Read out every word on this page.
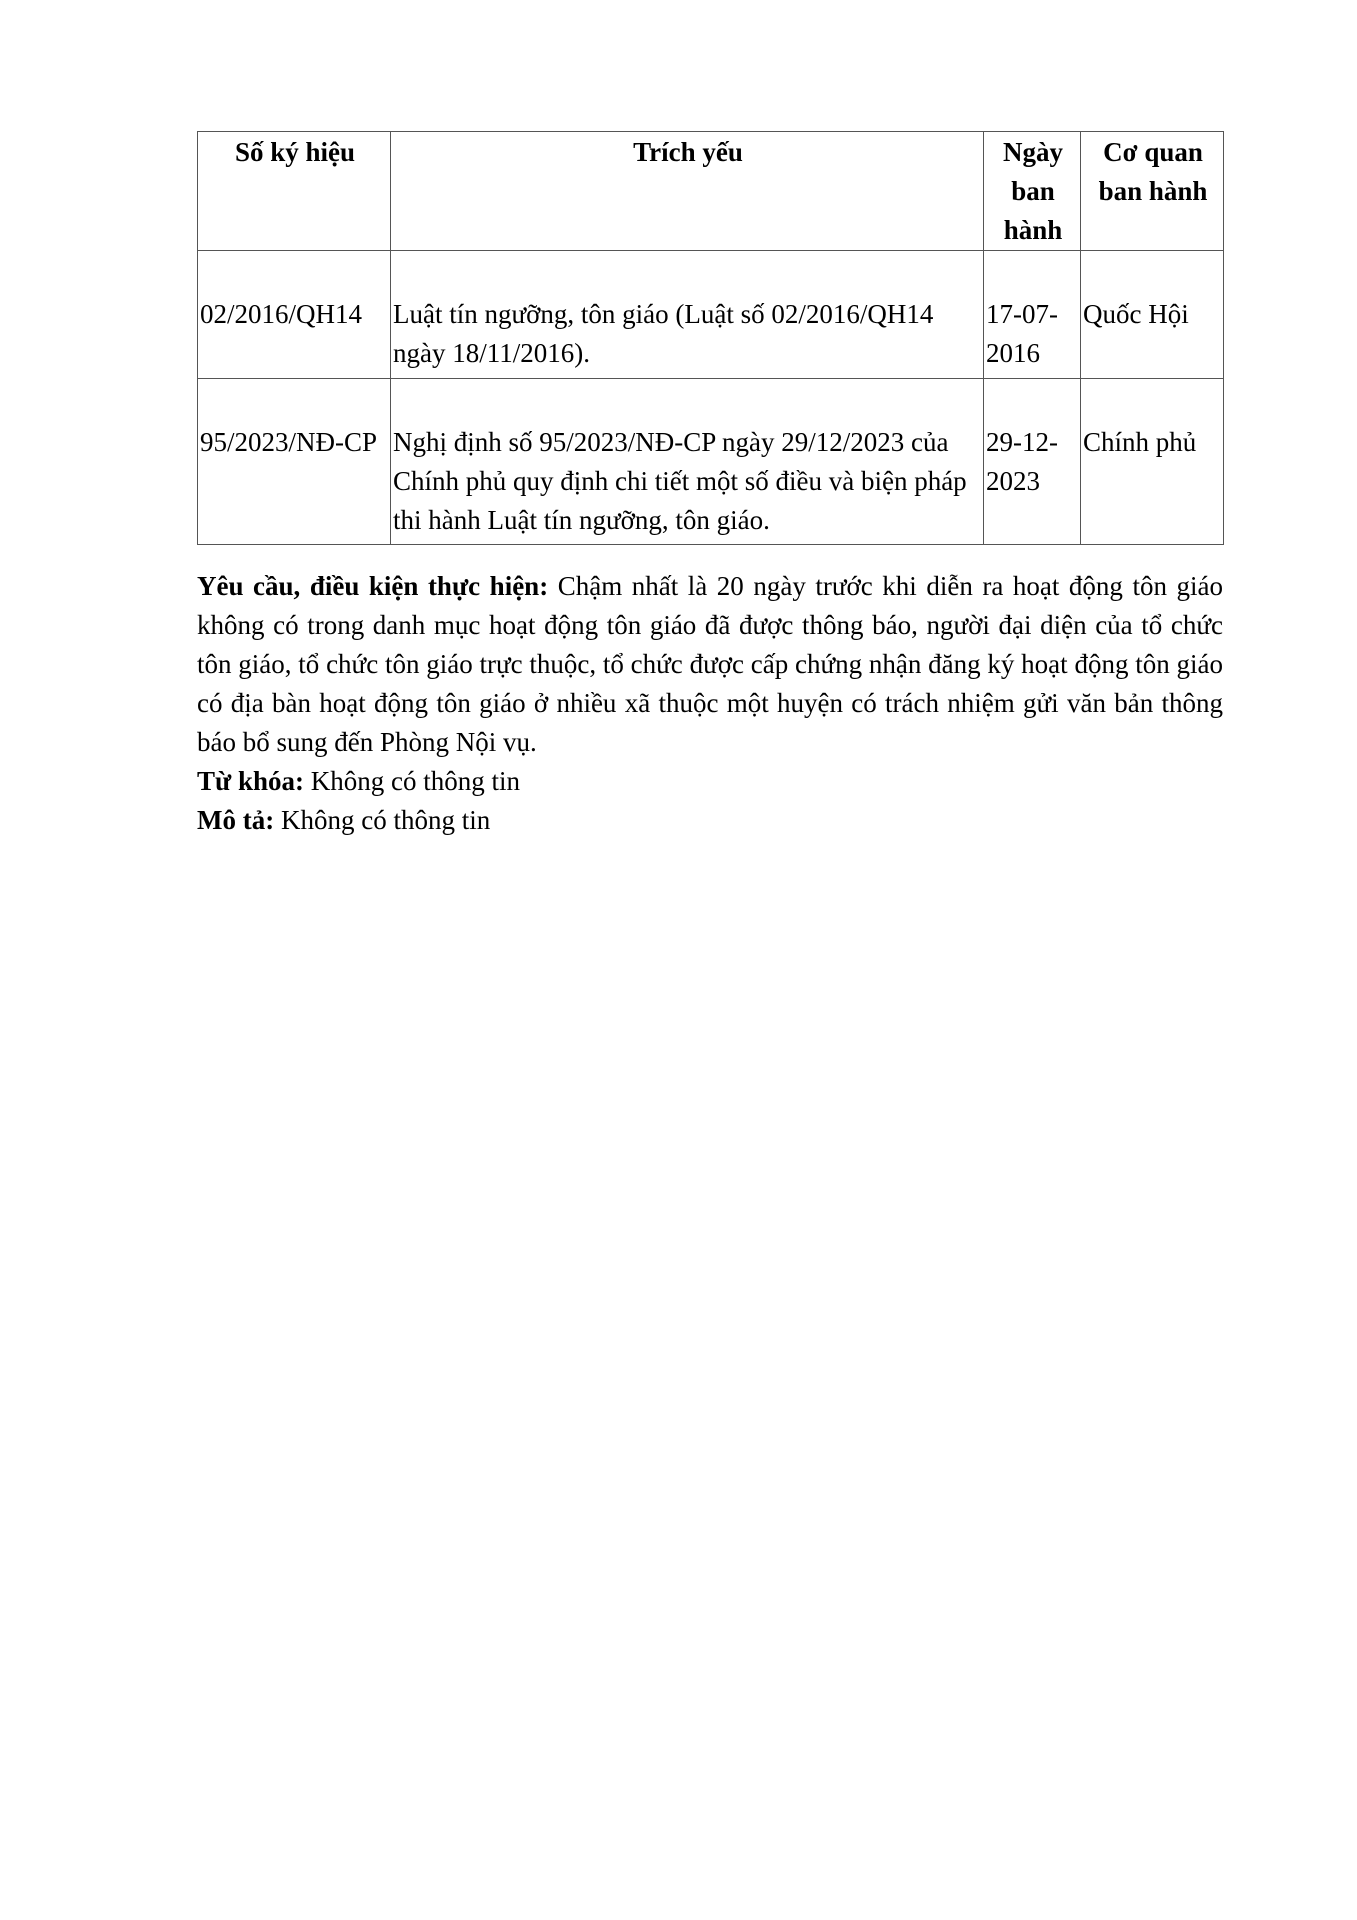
Số ký hiệu	Trích yếu	Ngày ban hành	Cơ quan ban hành
02/2016/QH14	Luật tín ngưỡng, tôn giáo (Luật số 02/2016/QH14 ngày 18/11/2016).	17-07-2016	Quốc Hội
95/2023/NĐ-CP	Nghị định số 95/2023/NĐ-CP ngày 29/12/2023 của Chính phủ quy định chi tiết một số điều và biện pháp thi hành Luật tín ngưỡng, tôn giáo.	29-12-2023	Chính phủ

Yêu cầu, điều kiện thực hiện: Chậm nhất là 20 ngày trước khi diễn ra hoạt động tôn giáo không có trong danh mục hoạt động tôn giáo đã được thông báo, người đại diện của tổ chức tôn giáo, tổ chức tôn giáo trực thuộc, tổ chức được cấp chứng nhận đăng ký hoạt động tôn giáo có địa bàn hoạt động tôn giáo ở nhiều xã thuộc một huyện có trách nhiệm gửi văn bản thông báo bổ sung đến Phòng Nội vụ.

Từ khóa: Không có thông tin

Mô tả: Không có thông tin
